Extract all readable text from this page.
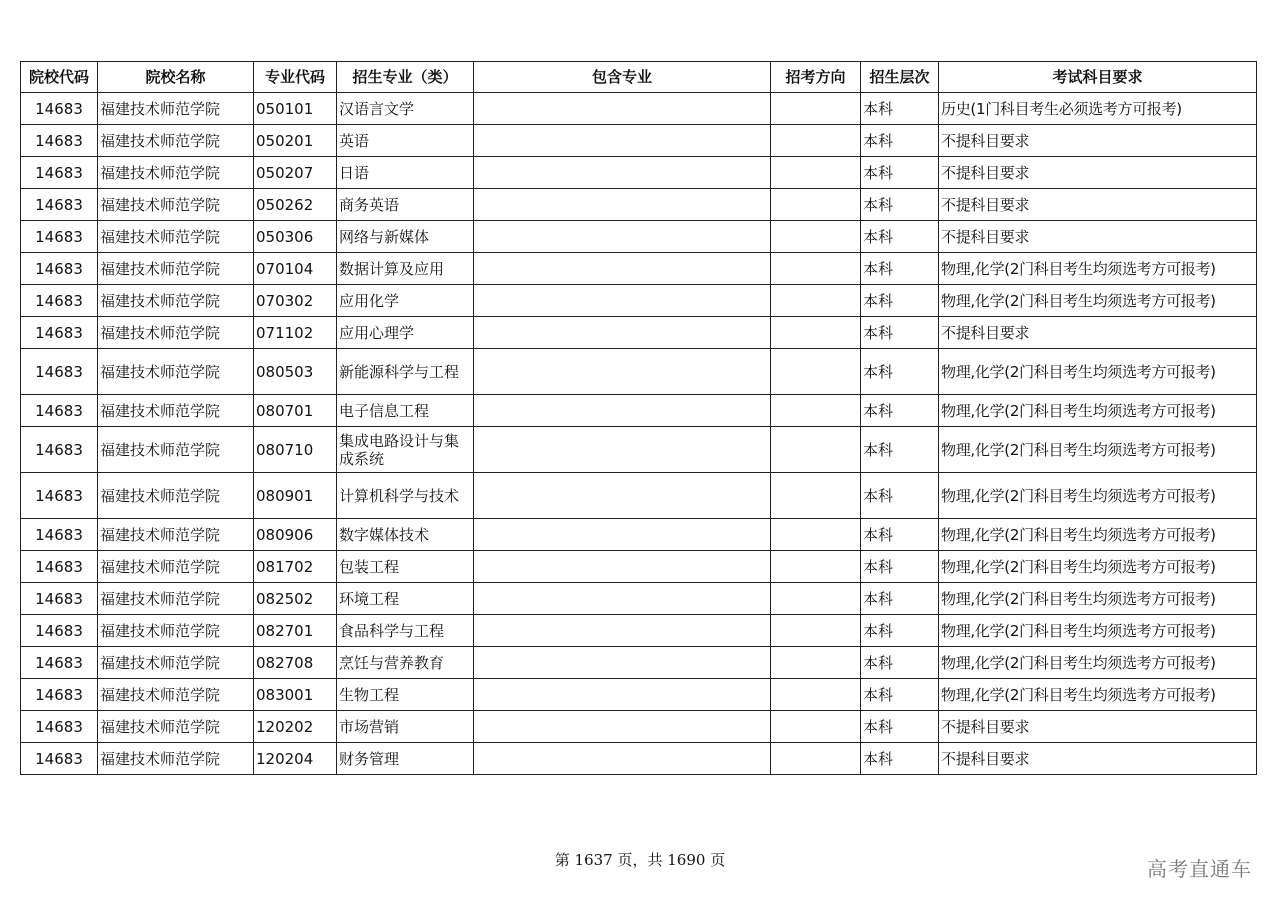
院校代码	院校名称	专业代码	招生专业（类）	包含专业	招考方向	招生层次	考试科目要求
14683	福建技术师范学院	050101	汉语言文学			本科	历史(1门科目考生必须选考方可报考)
14683	福建技术师范学院	050201	英语			本科	不提科目要求
14683	福建技术师范学院	050207	日语			本科	不提科目要求
14683	福建技术师范学院	050262	商务英语			本科	不提科目要求
14683	福建技术师范学院	050306	网络与新媒体			本科	不提科目要求
14683	福建技术师范学院	070104	数据计算及应用			本科	物理,化学(2门科目考生均须选考方可报考)
14683	福建技术师范学院	070302	应用化学			本科	物理,化学(2门科目考生均须选考方可报考)
14683	福建技术师范学院	071102	应用心理学			本科	不提科目要求
14683	福建技术师范学院	080503	新能源科学与工程			本科	物理,化学(2门科目考生均须选考方可报考)
14683	福建技术师范学院	080701	电子信息工程			本科	物理,化学(2门科目考生均须选考方可报考)
14683	福建技术师范学院	080710	集成电路设计与集成系统			本科	物理,化学(2门科目考生均须选考方可报考)
14683	福建技术师范学院	080901	计算机科学与技术			本科	物理,化学(2门科目考生均须选考方可报考)
14683	福建技术师范学院	080906	数字媒体技术			本科	物理,化学(2门科目考生均须选考方可报考)
14683	福建技术师范学院	081702	包装工程			本科	物理,化学(2门科目考生均须选考方可报考)
14683	福建技术师范学院	082502	环境工程			本科	物理,化学(2门科目考生均须选考方可报考)
14683	福建技术师范学院	082701	食品科学与工程			本科	物理,化学(2门科目考生均须选考方可报考)
14683	福建技术师范学院	082708	烹饪与营养教育			本科	物理,化学(2门科目考生均须选考方可报考)
14683	福建技术师范学院	083001	生物工程			本科	物理,化学(2门科目考生均须选考方可报考)
14683	福建技术师范学院	120202	市场营销			本科	不提科目要求
14683	福建技术师范学院	120204	财务管理			本科	不提科目要求
第 1637 页，共 1690 页	高考直通车
